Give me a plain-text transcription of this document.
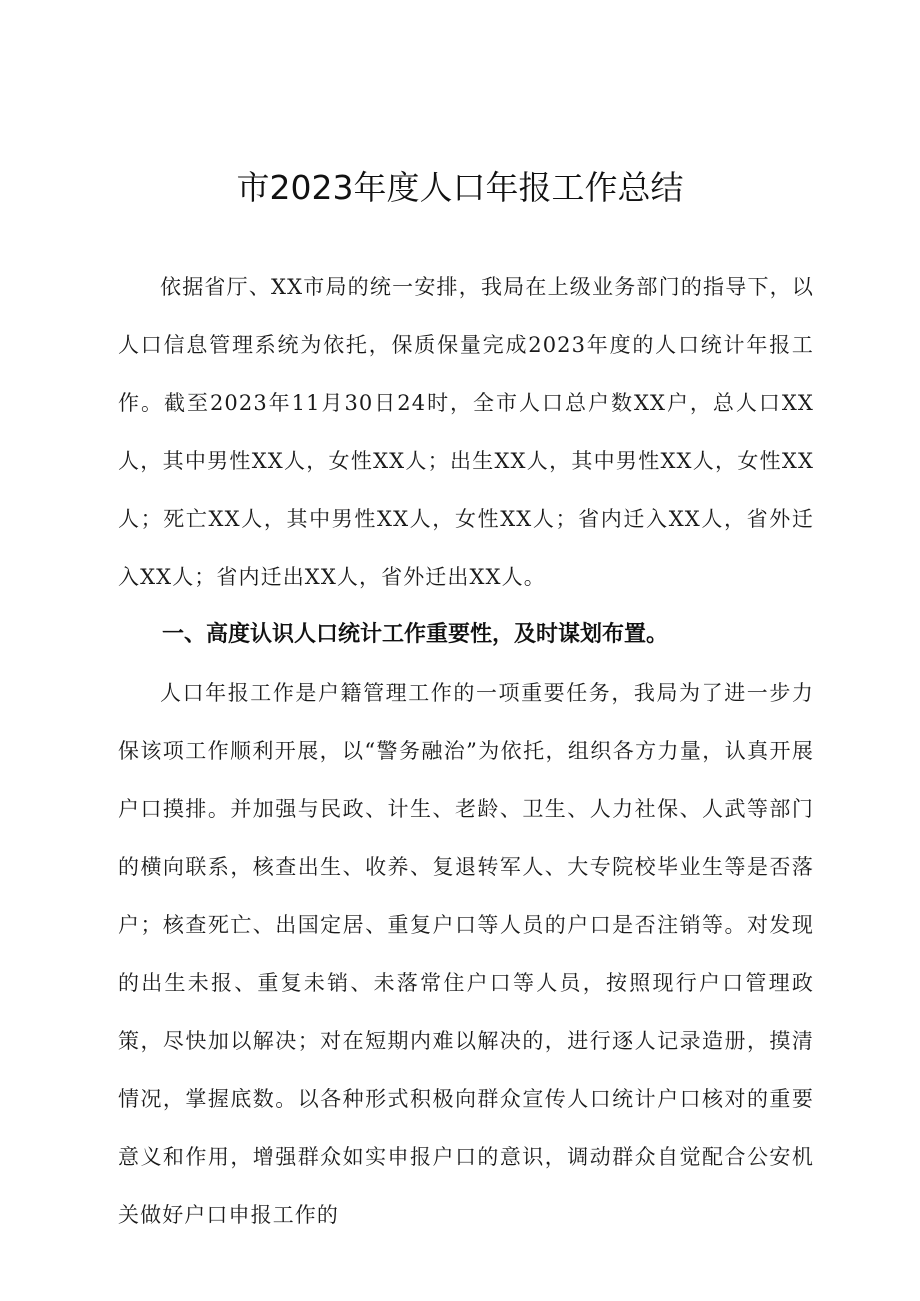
市2023年度人口年报工作总结

依据省厅、XX市局的统一安排，我局在上级业务部门的指导下，以人口信息管理系统为依托，保质保量完成2023年度的人口统计年报工作。截至2023年11月30日24时，全市人口总户数XX户，总人口XX人，其中男性XX人，女性XX人；出生XX人，其中男性XX人，女性XX人；死亡XX人，其中男性XX人，女性XX人；省内迁入XX人，省外迁入XX人；省内迁出XX人，省外迁出XX人。

一、高度认识人口统计工作重要性，及时谋划布置。

人口年报工作是户籍管理工作的一项重要任务，我局为了进一步力保该项工作顺利开展，以“警务融治”为依托，组织各方力量，认真开展户口摸排。并加强与民政、计生、老龄、卫生、人力社保、人武等部门的横向联系，核查出生、收养、复退转军人、大专院校毕业生等是否落户；核查死亡、出国定居、重复户口等人员的户口是否注销等。对发现的出生未报、重复未销、未落常住户口等人员，按照现行户口管理政策，尽快加以解决；对在短期内难以解决的，进行逐人记录造册，摸清情况，掌握底数。以各种形式积极向群众宣传人口统计户口核对的重要意义和作用，增强群众如实申报户口的意识，调动群众自觉配合公安机关做好户口申报工作的
